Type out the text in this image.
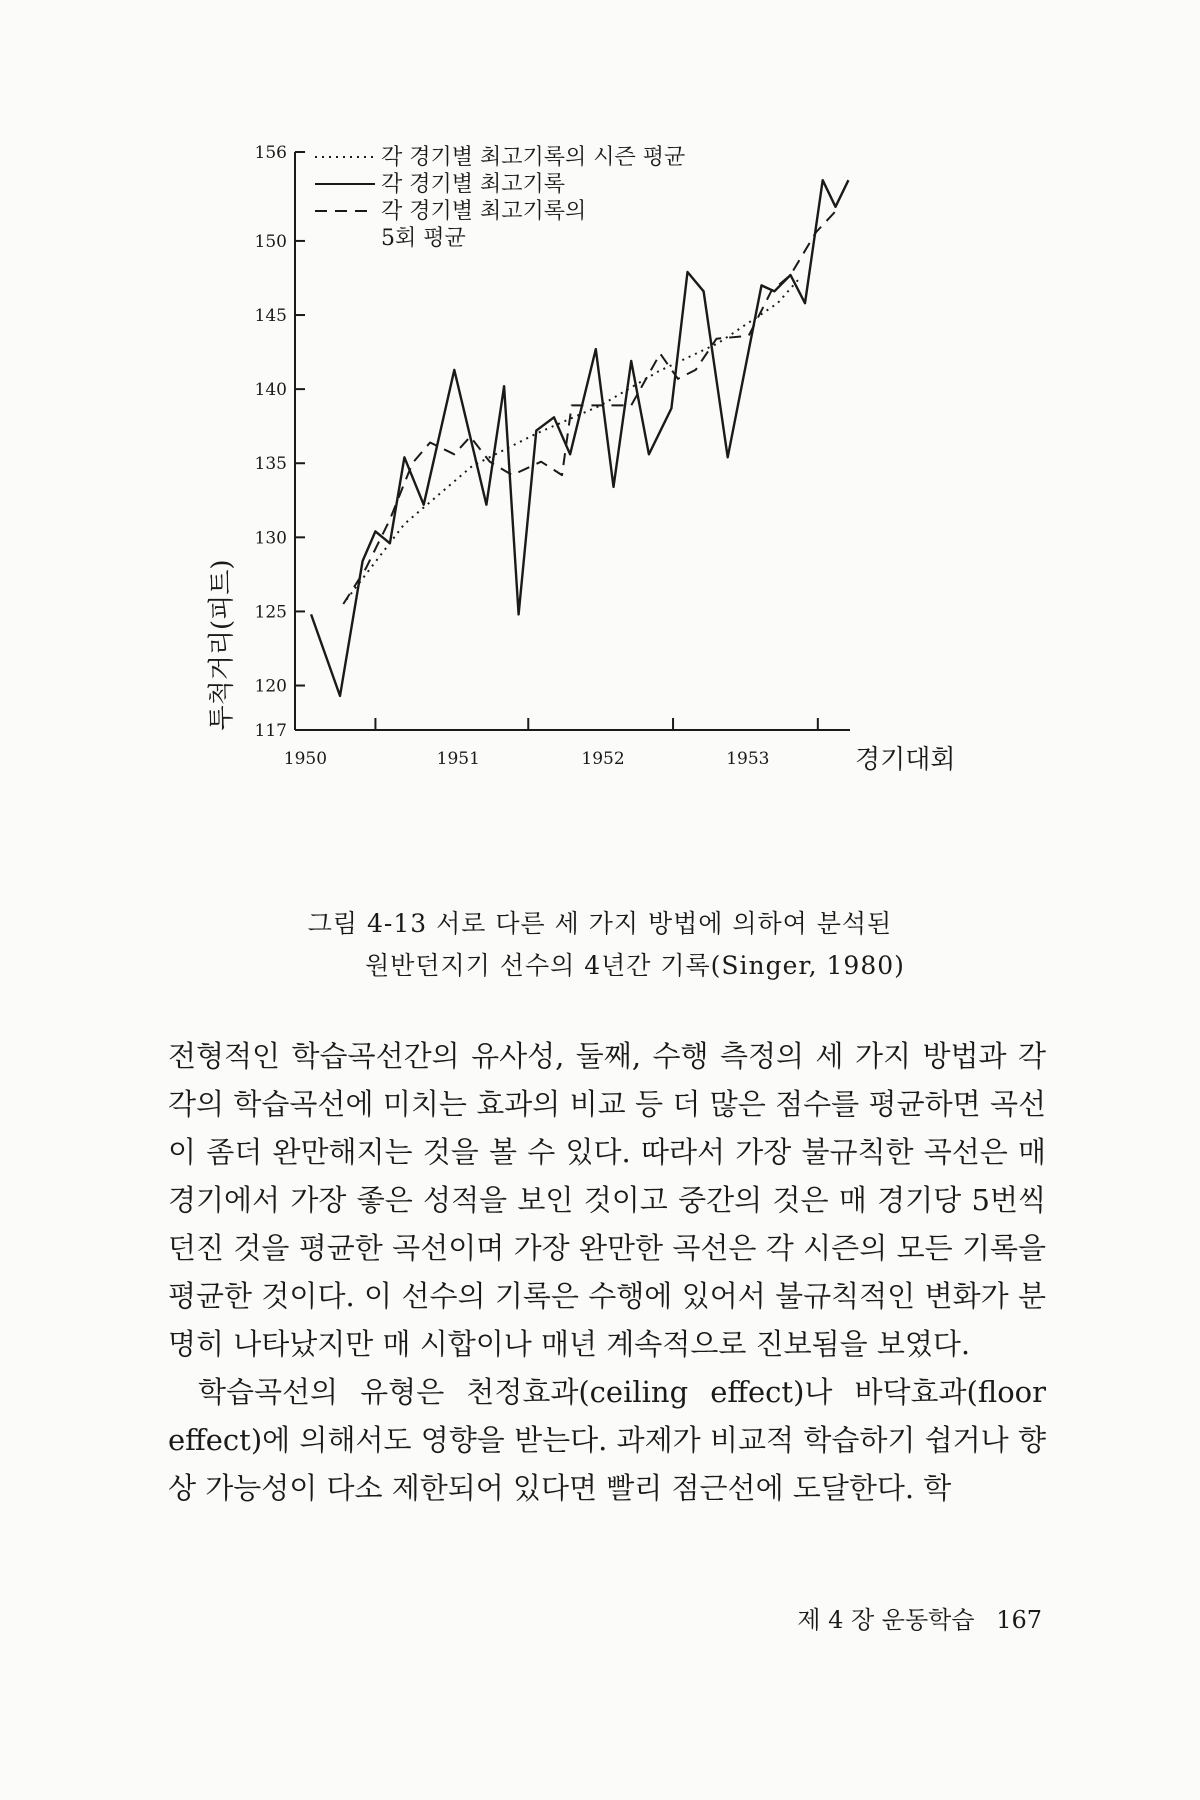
117
120
125
130
135
140
145
150
156
1950	1951	1952	1953
각 경기별 최고기록의 시즌 평균
각 경기별 최고기록
각 경기별 최고기록의
5회 평균
경기대회
투척거리(피트)
그림 4-13 서로 다른 세 가지 방법에 의하여 분석된
원반던지기 선수의 4년간 기록(Singer, 1980)

전형적인 학습곡선간의 유사성, 둘째, 수행 측정의 세 가지 방법과 각각의 학습곡선에 미치는 효과의 비교 등 더 많은 점수를 평균하면 곡선이 좀더 완만해지는 것을 볼 수 있다. 따라서 가장 불규칙한 곡선은 매 경기에서 가장 좋은 성적을 보인 것이고 중간의 것은 매 경기당 5번씩 던진 것을 평균한 곡선이며 가장 완만한 곡선은 각 시즌의 모든 기록을 평균한 것이다. 이 선수의 기록은 수행에 있어서 불규칙적인 변화가 분명히 나타났지만 매 시합이나 매년 계속적으로 진보됨을 보였다.

학습곡선의 유형은 천정효과(ceiling effect)나 바닥효과(floor effect)에 의해서도 영향을 받는다. 과제가 비교적 학습하기 쉽거나 향상 가능성이 다소 제한되어 있다면 빨리 점근선에 도달한다. 학

제 4 장 운동학습 167
